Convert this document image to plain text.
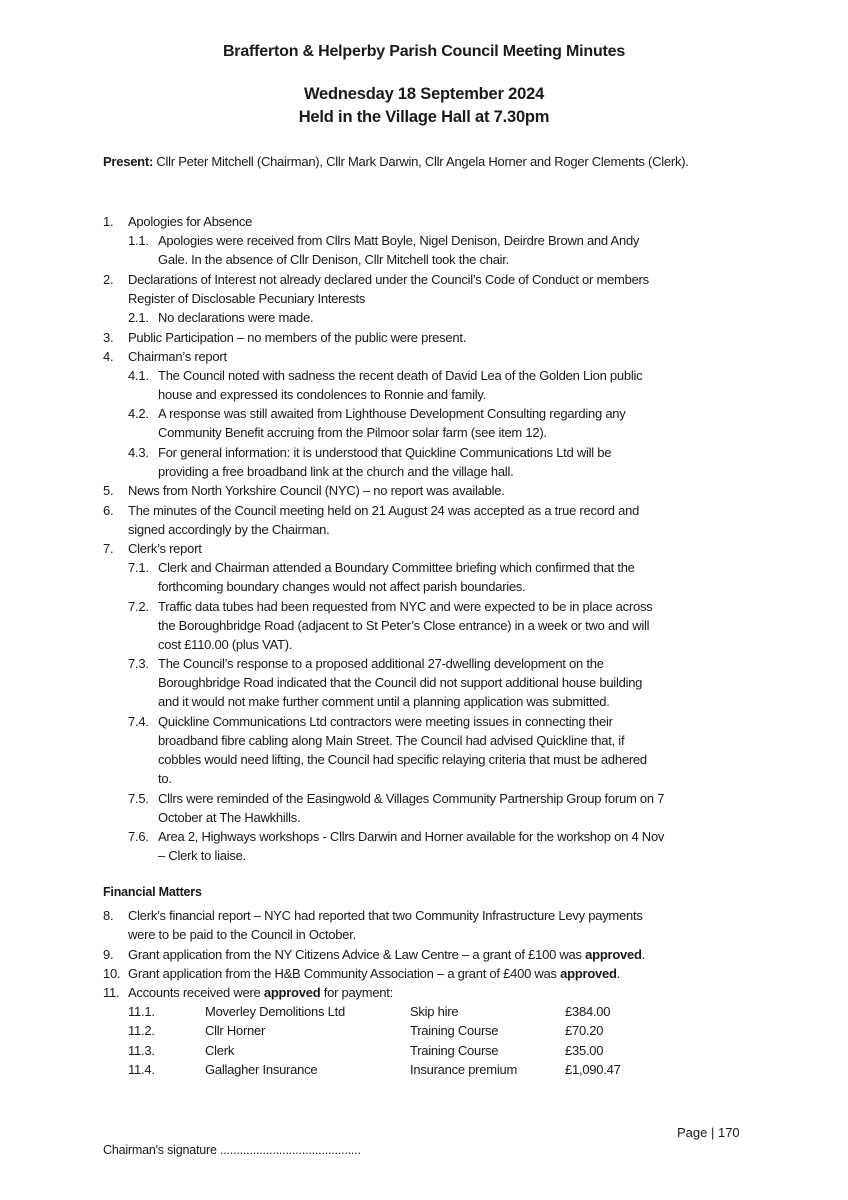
Brafferton & Helperby Parish Council Meeting Minutes
Wednesday 18 September 2024
Held in the Village Hall at 7.30pm
Present: Cllr Peter Mitchell (Chairman), Cllr Mark Darwin, Cllr Angela Horner and Roger Clements (Clerk).
1. Apologies for Absence
1.1. Apologies were received from Cllrs Matt Boyle, Nigel Denison, Deirdre Brown and Andy
Gale. In the absence of Cllr Denison, Cllr Mitchell took the chair.
2. Declarations of Interest not already declared under the Council’s Code of Conduct or members
Register of Disclosable Pecuniary Interests
2.1. No declarations were made.
3. Public Participation – no members of the public were present.
4. Chairman’s report
4.1. The Council noted with sadness the recent death of David Lea of the Golden Lion public
house and expressed its condolences to Ronnie and family.
4.2. A response was still awaited from Lighthouse Development Consulting regarding any
Community Benefit accruing from the Pilmoor solar farm (see item 12).
4.3. For general information: it is understood that Quickline Communications Ltd will be
providing a free broadband link at the church and the village hall.
5. News from North Yorkshire Council (NYC) – no report was available.
6. The minutes of the Council meeting held on 21 August 24 was accepted as a true record and
signed accordingly by the Chairman.
7. Clerk’s report
7.1. Clerk and Chairman attended a Boundary Committee briefing which confirmed that the
forthcoming boundary changes would not affect parish boundaries.
7.2. Traffic data tubes had been requested from NYC and were expected to be in place across
the Boroughbridge Road (adjacent to St Peter’s Close entrance) in a week or two and will
cost £110.00 (plus VAT).
7.3. The Council’s response to a proposed additional 27-dwelling development on the
Boroughbridge Road indicated that the Council did not support additional house building
and it would not make further comment until a planning application was submitted.
7.4. Quickline Communications Ltd contractors were meeting issues in connecting their
broadband fibre cabling along Main Street. The Council had advised Quickline that, if
cobbles would need lifting, the Council had specific relaying criteria that must be adhered
to.
7.5. Cllrs were reminded of the Easingwold & Villages Community Partnership Group forum on 7
October at The Hawkhills.
7.6. Area 2, Highways workshops - Cllrs Darwin and Horner available for the workshop on 4 Nov
– Clerk to liaise.
Financial Matters
8. Clerk’s financial report – NYC had reported that two Community Infrastructure Levy payments
were to be paid to the Council in October.
9. Grant application from the NY Citizens Advice & Law Centre – a grant of £100 was approved.
10. Grant application from the H&B Community Association – a grant of £400 was approved.
11. Accounts received were approved for payment:
11.1.	Moverley Demolitions Ltd	Skip hire	£384.00
11.2.	Cllr Horner	Training Course	£70.20
11.3.	Clerk	Training Course	£35.00
11.4.	Gallagher Insurance	Insurance premium	£1,090.47
Page | 170
Chairman's signature ...........................................
